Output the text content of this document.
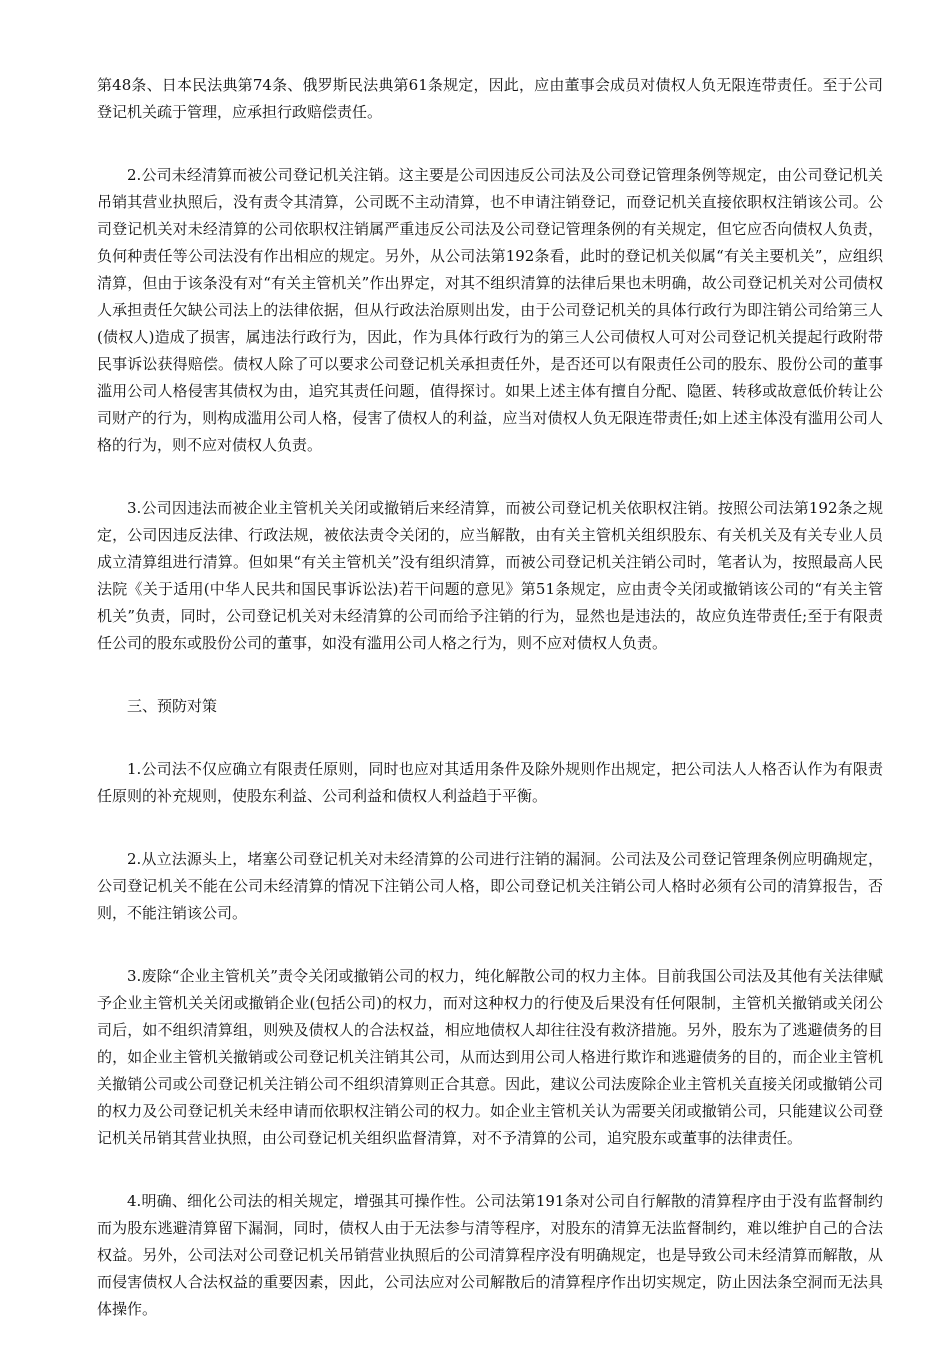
第48条、日本民法典第74条、俄罗斯民法典第61条规定，因此，应由董事会成员对债权人负无限连带责任。至于公司登记机关疏于管理，应承担行政赔偿责任。

2.公司未经清算而被公司登记机关注销。这主要是公司因违反公司法及公司登记管理条例等规定，由公司登记机关吊销其营业执照后，没有责令其清算，公司既不主动清算，也不申请注销登记，而登记机关直接依职权注销该公司。公司登记机关对未经清算的公司依职权注销属严重违反公司法及公司登记管理条例的有关规定，但它应否向债权人负责，负何种责任等公司法没有作出相应的规定。另外，从公司法第192条看，此时的登记机关似属“有关主要机关”，应组织清算，但由于该条没有对“有关主管机关”作出界定，对其不组织清算的法律后果也未明确，故公司登记机关对公司债权人承担责任欠缺公司法上的法律依据，但从行政法治原则出发，由于公司登记机关的具体行政行为即注销公司给第三人(债权人)造成了损害，属违法行政行为，因此，作为具体行政行为的第三人公司债权人可对公司登记机关提起行政附带民事诉讼获得赔偿。债权人除了可以要求公司登记机关承担责任外，是否还可以有限责任公司的股东、股份公司的董事滥用公司人格侵害其债权为由，追究其责任问题，值得探讨。如果上述主体有擅自分配、隐匿、转移或故意低价转让公司财产的行为，则构成滥用公司人格，侵害了债权人的利益，应当对债权人负无限连带责任;如上述主体没有滥用公司人格的行为，则不应对债权人负责。

3.公司因违法而被企业主管机关关闭或撤销后来经清算，而被公司登记机关依职权注销。按照公司法第192条之规定，公司因违反法律、行政法规，被依法责令关闭的，应当解散，由有关主管机关组织股东、有关机关及有关专业人员成立清算组进行清算。但如果“有关主管机关”没有组织清算，而被公司登记机关注销公司时，笔者认为，按照最高人民法院《关于适用(中华人民共和国民事诉讼法)若干问题的意见》第51条规定，应由责令关闭或撤销该公司的“有关主管机关”负责，同时，公司登记机关对未经清算的公司而给予注销的行为，显然也是违法的，故应负连带责任;至于有限责任公司的股东或股份公司的董事，如没有滥用公司人格之行为，则不应对债权人负责。

三、预防对策

1.公司法不仅应确立有限责任原则，同时也应对其适用条件及除外规则作出规定，把公司法人人格否认作为有限责任原则的补充规则，使股东利益、公司利益和债权人利益趋于平衡。

2.从立法源头上，堵塞公司登记机关对未经清算的公司进行注销的漏洞。公司法及公司登记管理条例应明确规定，公司登记机关不能在公司未经清算的情况下注销公司人格，即公司登记机关注销公司人格时必须有公司的清算报告，否则，不能注销该公司。

3.废除“企业主管机关”责令关闭或撤销公司的权力，纯化解散公司的权力主体。目前我国公司法及其他有关法律赋予企业主管机关关闭或撤销企业(包括公司)的权力，而对这种权力的行使及后果没有任何限制，主管机关撤销或关闭公司后，如不组织清算组，则殃及债权人的合法权益，相应地债权人却往往没有救济措施。另外，股东为了逃避债务的目的，如企业主管机关撤销或公司登记机关注销其公司，从而达到用公司人格进行欺诈和逃避债务的目的，而企业主管机关撤销公司或公司登记机关注销公司不组织清算则正合其意。因此，建议公司法废除企业主管机关直接关闭或撤销公司的权力及公司登记机关未经申请而依职权注销公司的权力。如企业主管机关认为需要关闭或撤销公司，只能建议公司登记机关吊销其营业执照，由公司登记机关组织监督清算，对不予清算的公司，追究股东或董事的法律责任。

4.明确、细化公司法的相关规定，增强其可操作性。公司法第191条对公司自行解散的清算程序由于没有监督制约而为股东逃避清算留下漏洞，同时，债权人由于无法参与清等程序，对股东的清算无法监督制约，难以维护自己的合法权益。另外，公司法对公司登记机关吊销营业执照后的公司清算程序没有明确规定，也是导致公司未经清算而解散，从而侵害债权人合法权益的重要因素，因此，公司法应对公司解散后的清算程序作出切实规定，防止因法条空洞而无法具体操作。
